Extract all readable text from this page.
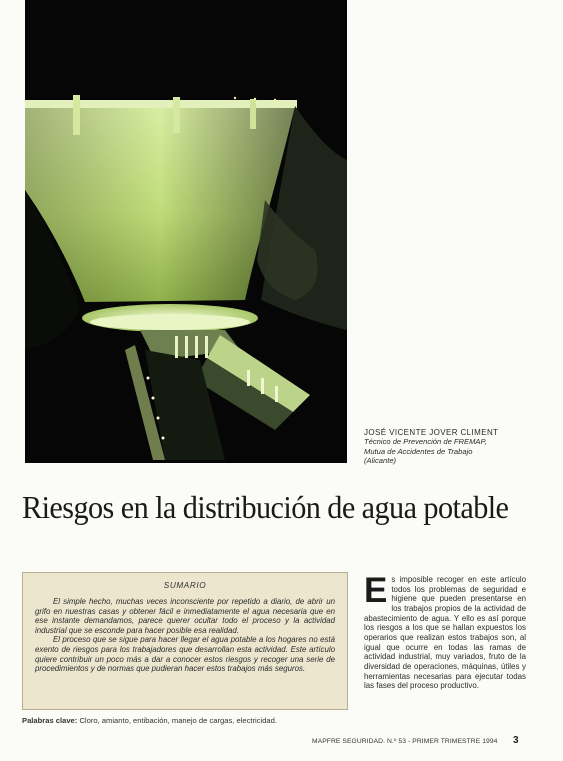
JOSÉ VICENTE JOVER CLIMENT
Técnico de Prevención de FREMAP,
Mutua de Accidentes de Trabajo
(Alicante)
Riesgos en la distribución de agua potable
SUMARIO

El simple hecho, muchas veces inconsciente por repetido a diario, de abrir un grifo en nuestras casas y obtener fácil e inmediatamente el agua necesaria que en ese instante demandamos, parece querer ocultar todo el proceso y la actividad industrial que se esconde para hacer posible esa realidad.

El proceso que se sigue para hacer llegar el agua potable a los hogares no está exento de riesgos para los trabajadores que desarrollan esta actividad. Este artículo quiere contribuir un poco más a dar a conocer estos riesgos y recoger una serie de procedimientos y de normas que pudieran hacer estos trabajos más seguros.

Palabras clave: Cloro, amianto, entibación, manejo de cargas, electricidad.
Es imposible recoger en este artículo todos los problemas de seguridad e higiene que pueden presentarse en los trabajos propios de la actividad de abastecimiento de agua. Y ello es así porque los riesgos a los que se hallan expuestos los operarios que realizan estos trabajos son, al igual que ocurre en todas las ramas de actividad industrial, muy variados, fruto de la diversidad de operaciones, máquinas, útiles y herramientas necesarias para ejecutar todas las fases del proceso productivo.
MAPFRE SEGURIDAD. N.º 53 - PRIMER TRIMESTRE 1994	3
